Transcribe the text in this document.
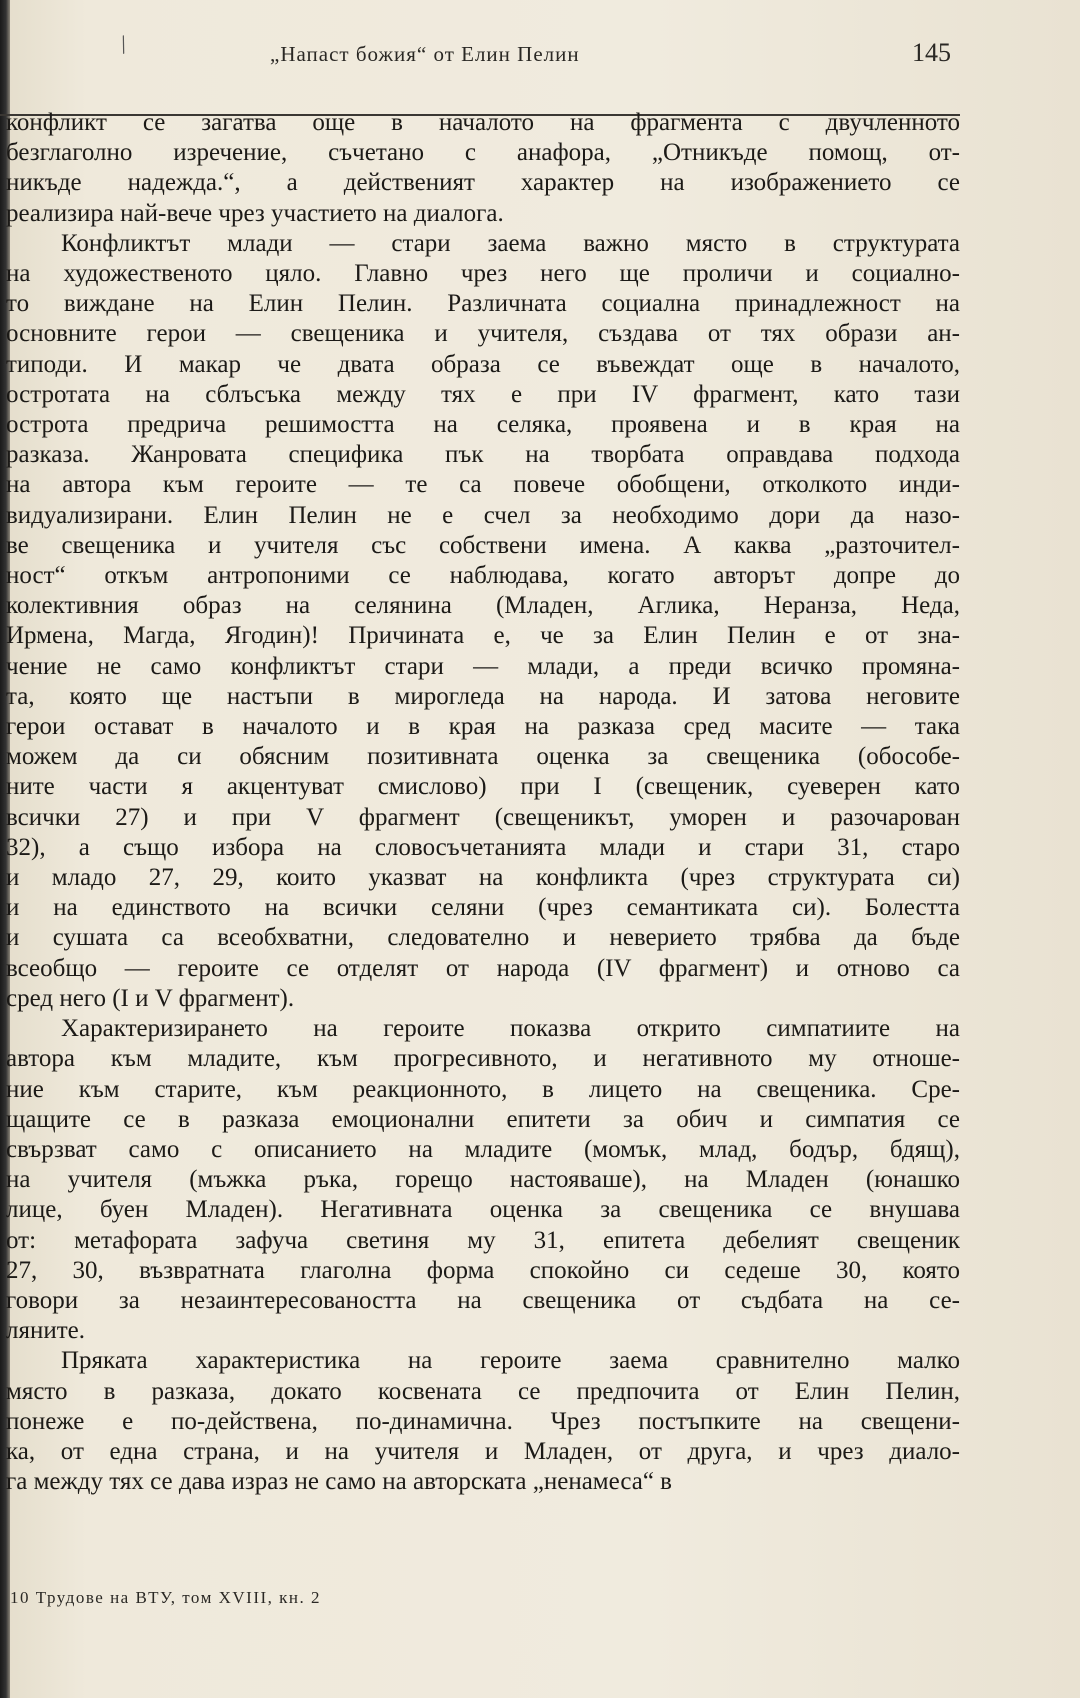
/	„Напаст божия“ от Елин Пелин	145
конфликт се загатва още в началото на фрагмента с двучленното
безглаголно изречение, съчетано с анафора, „Отникъде помощ, от-
никъде надежда.“, а действеният характер на изображението се
реализира най-вече чрез участието на диалога.
Конфликтът млади — стари заема важно място в структурата
на художественото цяло. Главно чрез него ще проличи и социално-
то виждане на Елин Пелин. Различната социална принадлежност на
основните герои — свещеника и учителя, създава от тях образи ан-
типоди. И макар че двата образа се въвеждат още в началото,
остротата на сблъсъка между тях е при IV фрагмент, като тази
острота предрича решимостта на селяка, проявена и в края на
разказа. Жанровата специфика пък на творбата оправдава подхода
на автора към героите — те са повече обобщени, отколкото инди-
видуализирани. Елин Пелин не е счел за необходимо дори да назо-
ве свещеника и учителя със собствени имена. А каква „разточител-
ност“ откъм антропоними се наблюдава, когато авторът допре до
колективния образ на селянина (Младен, Аглика, Неранза, Неда,
Ирмена, Магда, Ягодин)! Причината е, че за Елин Пелин е от зна-
чение не само конфликтът стари — млади, а преди всичко промяна-
та, която ще настъпи в мирогледа на народа. И затова неговите
герои остават в началото и в края на разказа сред масите — така
можем да си обясним позитивната оценка за свещеника (обособе-
ните части я акцентуват смислово) при I (свещеник, суеверен като
всички 27) и при V фрагмент (свещеникът, уморен и разочарован
32), а също избора на словосъчетанията млади и стари 31, старо
и младо 27, 29, които указват на конфликта (чрез структурата си)
и на единството на всички селяни (чрез семантиката си). Болестта
и сушата са всеобхватни, следователно и неверието трябва да бъде
всеобщо — героите се отделят от народа (IV фрагмент) и отново са
сред него (I и V фрагмент).
Характеризирането на героите показва открито симпатиите на
автора към младите, към прогресивното, и негативното му отноше-
ние към старите, към реакционното, в лицето на свещеника. Сре-
щащите се в разказа емоционални епитети за обич и симпатия се
свързват само с описанието на младите (момък, млад, бодър, бдящ),
на учителя (мъжка ръка, горещо настояваше), на Младен (юнашко
лице, буен Младен). Негативната оценка за свещеника се внушава
от: метафората зафуча светиня му 31, епитета дебелият свещеник
27, 30, възвратната глаголна форма спокойно си седеше 30, която
говори за незаинтересоваността на свещеника от съдбата на се-
ляните.
Пряката характеристика на героите заема сравнително малко
място в разказа, докато косвената се предпочита от Елин Пелин,
понеже е по-действена, по-динамична. Чрез постъпките на свещени-
ка, от една страна, и на учителя и Младен, от друга, и чрез диало-
га между тях се дава израз не само на авторската „ненамеса“ в
10 Трудове на ВТУ, том XVIII, кн. 2
